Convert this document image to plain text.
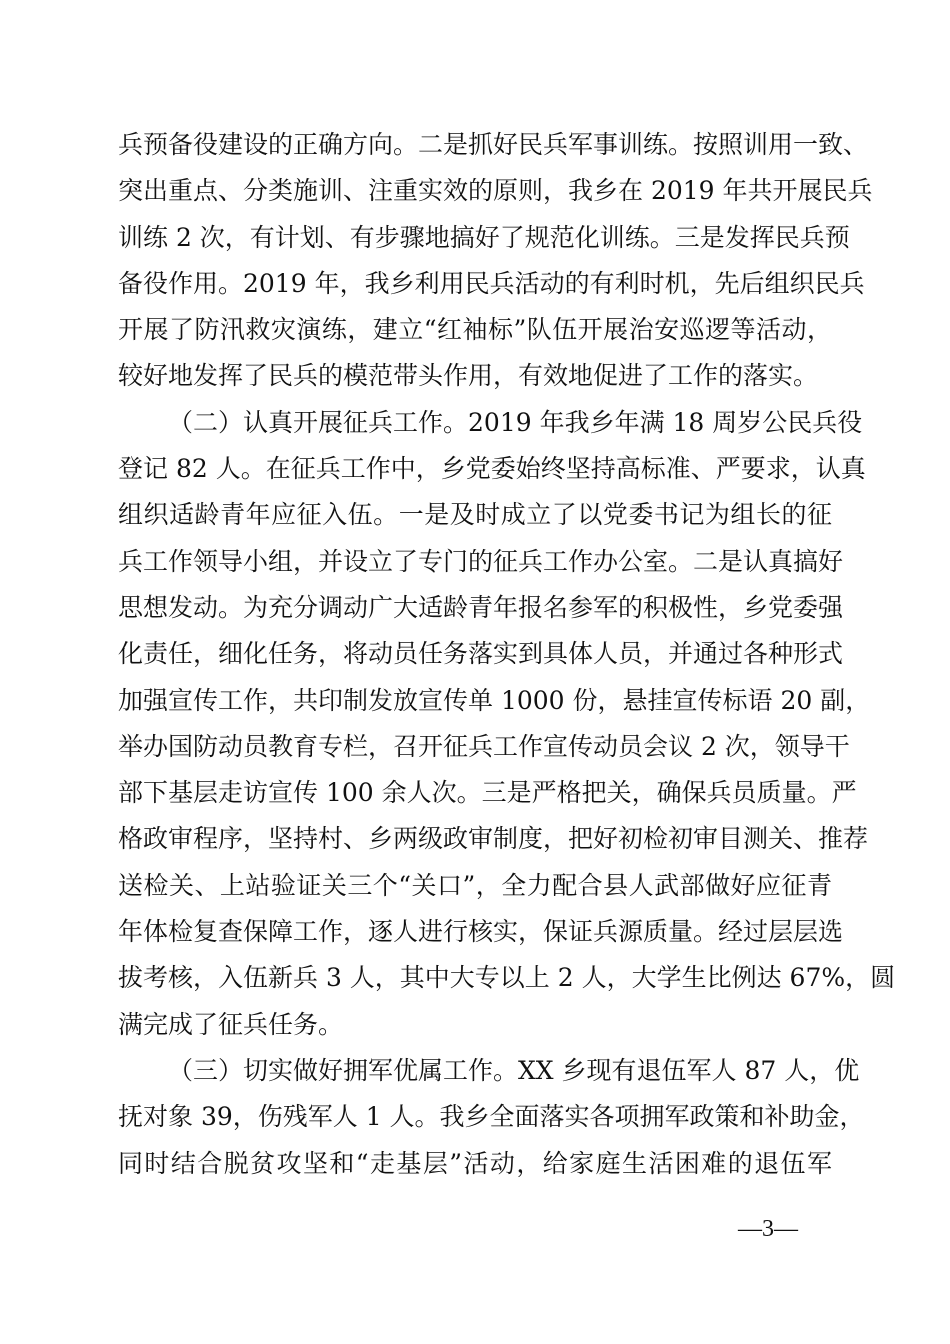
兵预备役建设的正确方向。二是抓好民兵军事训练。按照训用一致、
突出重点、分类施训、注重实效的原则，我乡在 2019 年共开展民兵
训练 2 次，有计划、有步骤地搞好了规范化训练。三是发挥民兵预
备役作用。2019 年，我乡利用民兵活动的有利时机，先后组织民兵
开展了防汛救灾演练，建立“红袖标”队伍开展治安巡逻等活动，
较好地发挥了民兵的模范带头作用，有效地促进了工作的落实。
（二）认真开展征兵工作。2019 年我乡年满 18 周岁公民兵役
登记 82 人。在征兵工作中，乡党委始终坚持高标准、严要求，认真
组织适龄青年应征入伍。一是及时成立了以党委书记为组长的征
兵工作领导小组，并设立了专门的征兵工作办公室。二是认真搞好
思想发动。为充分调动广大适龄青年报名参军的积极性，乡党委强
化责任，细化任务，将动员任务落实到具体人员，并通过各种形式
加强宣传工作，共印制发放宣传单 1000 份，悬挂宣传标语 20 副，
举办国防动员教育专栏，召开征兵工作宣传动员会议 2 次，领导干
部下基层走访宣传 100 余人次。三是严格把关，确保兵员质量。严
格政审程序，坚持村、乡两级政审制度，把好初检初审目测关、推荐
送检关、上站验证关三个“关口”，全力配合县人武部做好应征青
年体检复查保障工作，逐人进行核实，保证兵源质量。经过层层选
拔考核，入伍新兵 3 人，其中大专以上 2 人，大学生比例达 67%，圆
满完成了征兵任务。
（三）切实做好拥军优属工作。XX 乡现有退伍军人 87 人，优
抚对象 39，伤残军人 1 人。我乡全面落实各项拥军政策和补助金，
同时结合脱贫攻坚和“走基层”活动，给家庭生活困难的退伍军
—3—
